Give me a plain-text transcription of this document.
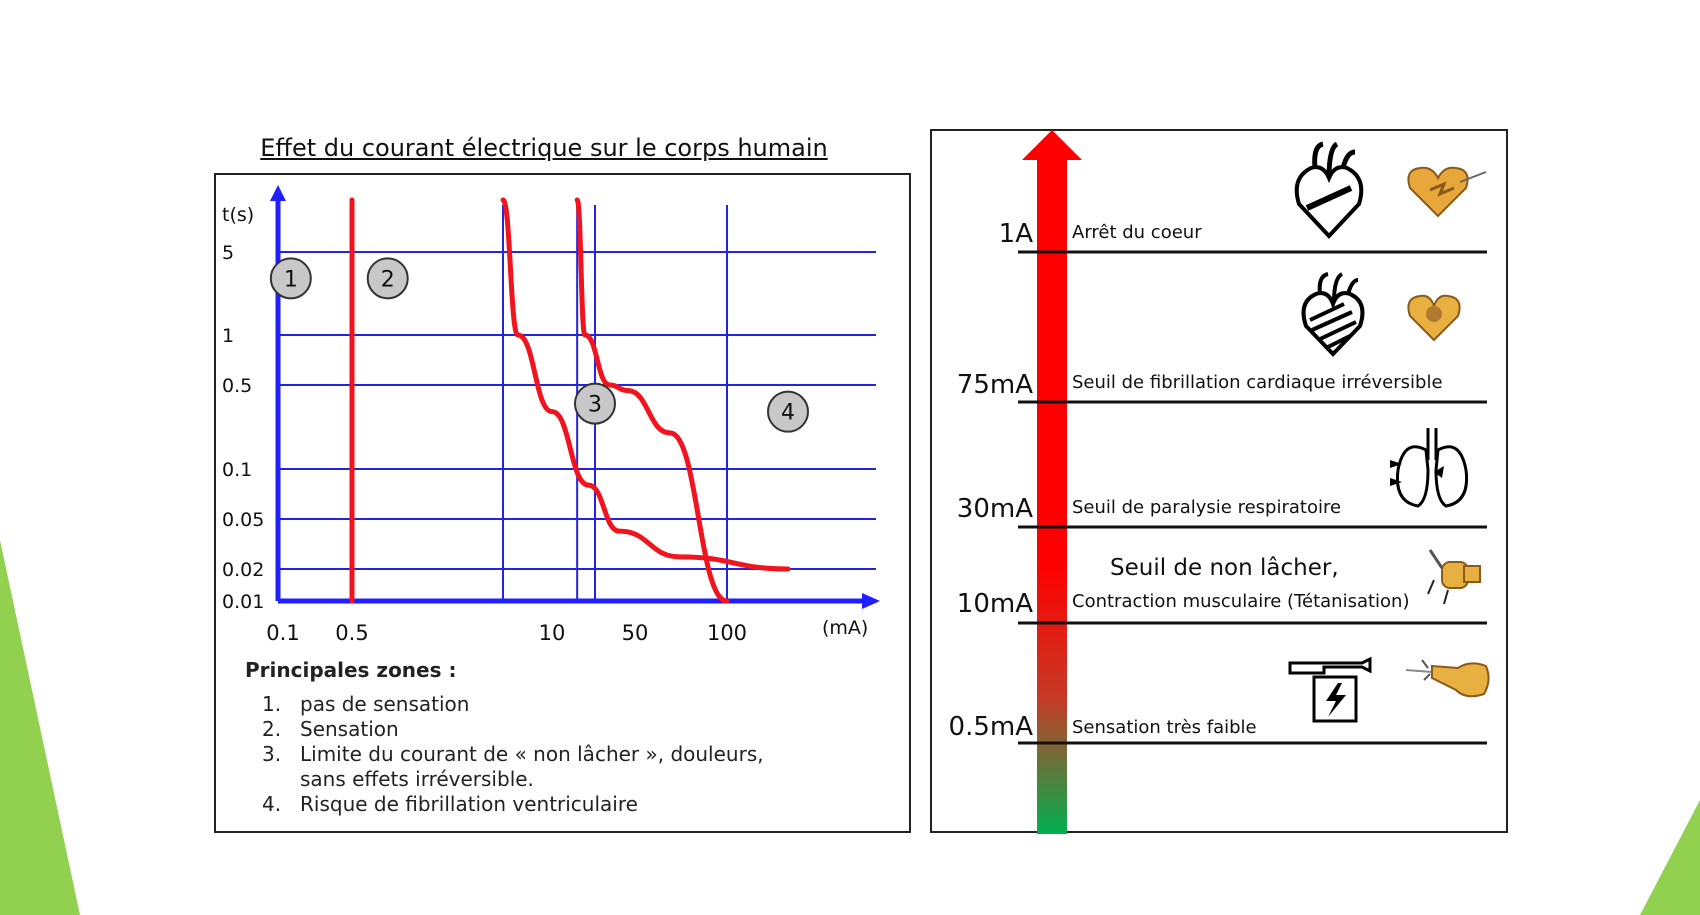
Effet du courant électrique sur le corps humain
0.1 0.5	10	50	100
5
1
0.5
0.1
0.05
0.02
0.01
t(s)
(mA)
1	2
3	4
1A Arrêt du coeur
75mA Seuil de fibrillation cardiaque irréversible
30mA Seuil de paralysie respiratoire
10mA Contraction musculaire (Tétanisation)
Seuil de non lâcher,
0.5mA Sensation très faible
Principales zones :
1. pas de sensation
2. Sensation
3. Limite du courant de « non lâcher », douleurs, sans effets irréversible.
4. Risque de fibrillation ventriculaire
